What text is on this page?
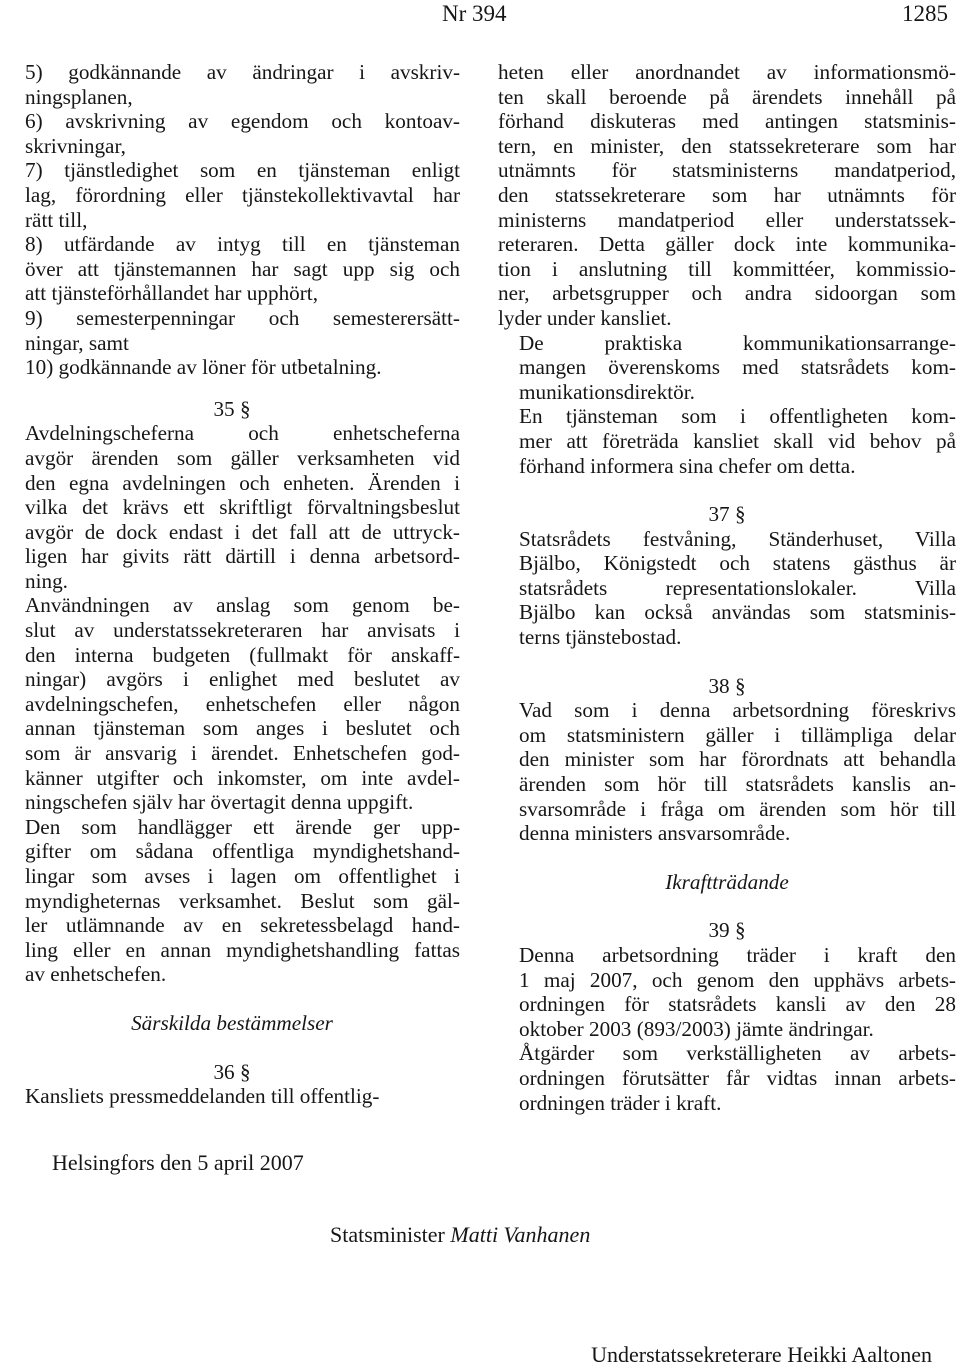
Nr 394	1285

5) godkännande av ändringar i avskriv-
ningsplanen,

6) avskrivning av egendom och kontoav-
skrivningar,

7) tjänstledighet som en tjänsteman enligt
lag, förordning eller tjänstekollektivavtal har
rätt till,

8) utfärdande av intyg till en tjänsteman
över att tjänstemannen har sagt upp sig och
att tjänsteförhållandet har upphört,

9) semesterpenningar och semesterersätt-
ningar, samt

10) godkännande av löner för utbetalning.

35 §

Avdelningscheferna och enhetscheferna
avgör ärenden som gäller verksamheten vid
den egna avdelningen och enheten. Ärenden i
vilka det krävs ett skriftligt förvaltningsbeslut
avgör de dock endast i det fall att de uttryck-
ligen har givits rätt därtill i denna arbetsord-
ning.

Användningen av anslag som genom be-
slut av understatssekreteraren har anvisats i
den interna budgeten (fullmakt för anskaff-
ningar) avgörs i enlighet med beslutet av
avdelningschefen, enhetschefen eller någon
annan tjänsteman som anges i beslutet och
som är ansvarig i ärendet. Enhetschefen god-
känner utgifter och inkomster, om inte avdel-
ningschefen själv har övertagit denna uppgift.

Den som handlägger ett ärende ger upp-
gifter om sådana offentliga myndighetshand-
lingar som avses i lagen om offentlighet i
myndigheternas verksamhet. Beslut som gäl-
ler utlämnande av en sekretessbelagd hand-
ling eller en annan myndighetshandling fattas
av enhetschefen.

Särskilda bestämmelser

36 §

Kansliets pressmeddelanden till offentlig-

heten eller anordnandet av informationsmö-
ten skall beroende på ärendets innehåll på
förhand diskuteras med antingen statsminis-
tern, en minister, den statssekreterare som har
utnämnts för statsministerns mandatperiod,
den statssekreterare som har utnämnts för
ministerns mandatperiod eller understatssek-
reteraren. Detta gäller dock inte kommunika-
tion i anslutning till kommittéer, kommissio-
ner, arbetsgrupper och andra sidoorgan som
lyder under kansliet.

De praktiska kommunikationsarrange-
mangen överenskoms med statsrådets kom-
munikationsdirektör.

En tjänsteman som i offentligheten kom-
mer att företräda kansliet skall vid behov på
förhand informera sina chefer om detta.

37 §

Statsrådets festvåning, Ständerhuset, Villa
Bjälbo, Königstedt och statens gästhus är
statsrådets representationslokaler. Villa
Bjälbo kan också användas som statsminis-
terns tjänstebostad.

38 §

Vad som i denna arbetsordning föreskrivs
om statsministern gäller i tillämpliga delar
den minister som har förordnats att behandla
ärenden som hör till statsrådets kanslis an-
svarsområde i fråga om ärenden som hör till
denna ministers ansvarsområde.

Ikraftträdande

39 §

Denna arbetsordning träder i kraft den
1 maj 2007, och genom den upphävs arbets-
ordningen för statsrådets kansli av den 28
oktober 2003 (893/2003) jämte ändringar.

Åtgärder som verkställigheten av arbets-
ordningen förutsätter får vidtas innan arbets-
ordningen träder i kraft.

Helsingfors den 5 april 2007
Statsminister Matti Vanhanen
Understatssekreterare Heikki Aaltonen
